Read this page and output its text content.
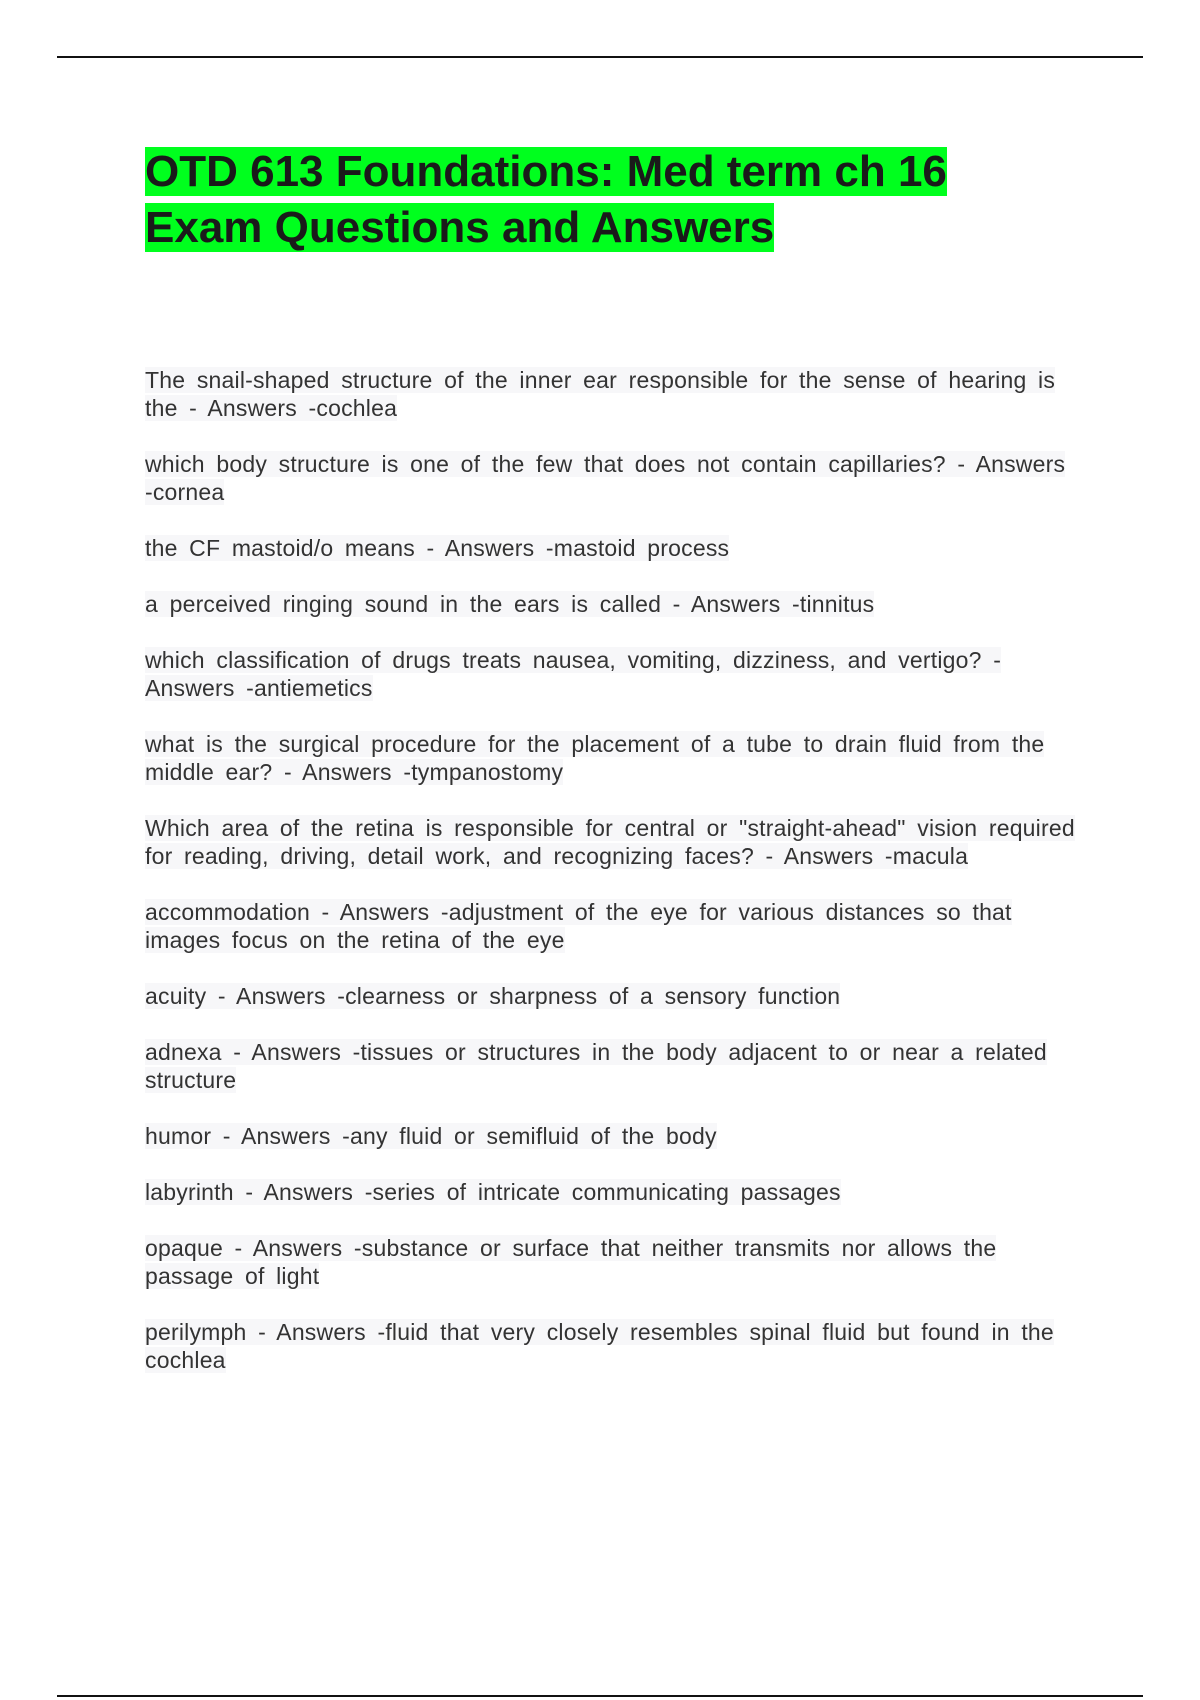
OTD 613 Foundations: Med term ch 16
Exam Questions and Answers

The snail-shaped structure of the inner ear responsible for the sense of hearing is the - Answers -cochlea

which body structure is one of the few that does not contain capillaries? - Answers -cornea

the CF mastoid/o means - Answers -mastoid process

a perceived ringing sound in the ears is called - Answers -tinnitus

which classification of drugs treats nausea, vomiting, dizziness, and vertigo? - Answers -antiemetics

what is the surgical procedure for the placement of a tube to drain fluid from the middle ear? - Answers -tympanostomy

Which area of the retina is responsible for central or "straight-ahead" vision required for reading, driving, detail work, and recognizing faces? - Answers -macula

accommodation - Answers -adjustment of the eye for various distances so that images focus on the retina of the eye

acuity - Answers -clearness or sharpness of a sensory function

adnexa - Answers -tissues or structures in the body adjacent to or near a related structure

humor - Answers -any fluid or semifluid of the body

labyrinth - Answers -series of intricate communicating passages

opaque - Answers -substance or surface that neither transmits nor allows the passage of light

perilymph - Answers -fluid that very closely resembles spinal fluid but found in the cochlea
